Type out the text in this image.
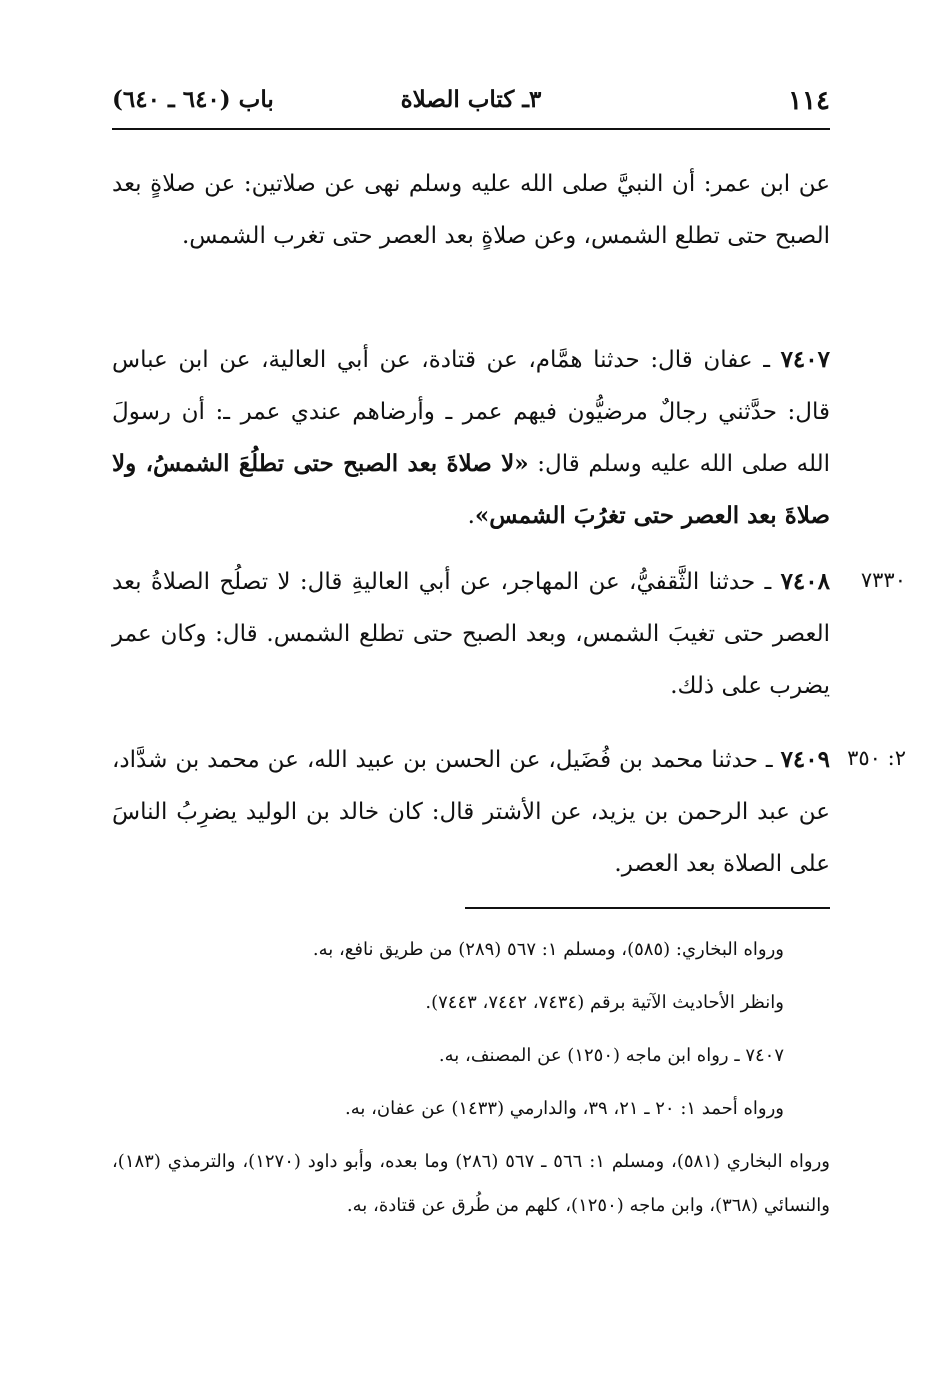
١١٤
٣ـ كتاب الصلاة
باب (٦٤٠ ـ ٦٤٠)
عن ابن عمر: أن النبيَّ صلى الله عليه وسلم نهى عن صلاتين: عن صلاةٍ بعد الصبح حتى تطلع الشمس، وعن صلاةٍ بعد العصر حتى تغرب الشمس.
٧٤٠٧ ـ عفان قال: حدثنا همَّام، عن قتادة، عن أبي العالية، عن ابن عباس قال: حدَّثني رجالٌ مرضيُّون فيهم عمر ـ وأرضاهم عندي عمر ـ: أن رسولَ الله صلى الله عليه وسلم قال: «لا صلاةَ بعد الصبح حتى تطلُعَ الشمسُ، ولا صلاةَ بعد العصر حتى تغرُبَ الشمس».
٧٣٣٠
٧٤٠٨ ـ حدثنا الثَّقفيُّ، عن المهاجر، عن أبي العاليةِ قال: لا تصلُح الصلاةُ بعد العصر حتى تغيبَ الشمس، وبعد الصبح حتى تطلع الشمس. قال: وكان عمر يضرب على ذلك.
٢: ٣٥٠
٧٤٠٩ ـ حدثنا محمد بن فُضَيل، عن الحسن بن عبيد الله، عن محمد بن شدَّاد، عن عبد الرحمن بن يزيد، عن الأشتر قال: كان خالد بن الوليد يضرِبُ الناسَ على الصلاة بعد العصر.
ورواه البخاري: (٥٨٥)، ومسلم ١: ٥٦٧ (٢٨٩) من طريق نافع، به.
وانظر الأحاديث الآتية برقم (٧٤٣٤، ٧٤٤٢، ٧٤٤٣).
٧٤٠٧ ـ رواه ابن ماجه (١٢٥٠) عن المصنف، به.
ورواه أحمد ١: ٢٠ ـ ٢١، ٣٩، والدارمي (١٤٣٣) عن عفان، به.
ورواه البخاري (٥٨١)، ومسلم ١: ٥٦٦ ـ ٥٦٧ (٢٨٦) وما بعده، وأبو داود (١٢٧٠)، والترمذي (١٨٣)، والنسائي (٣٦٨)، وابن ماجه (١٢٥٠)، كلهم من طُرق عن قتادة، به.
